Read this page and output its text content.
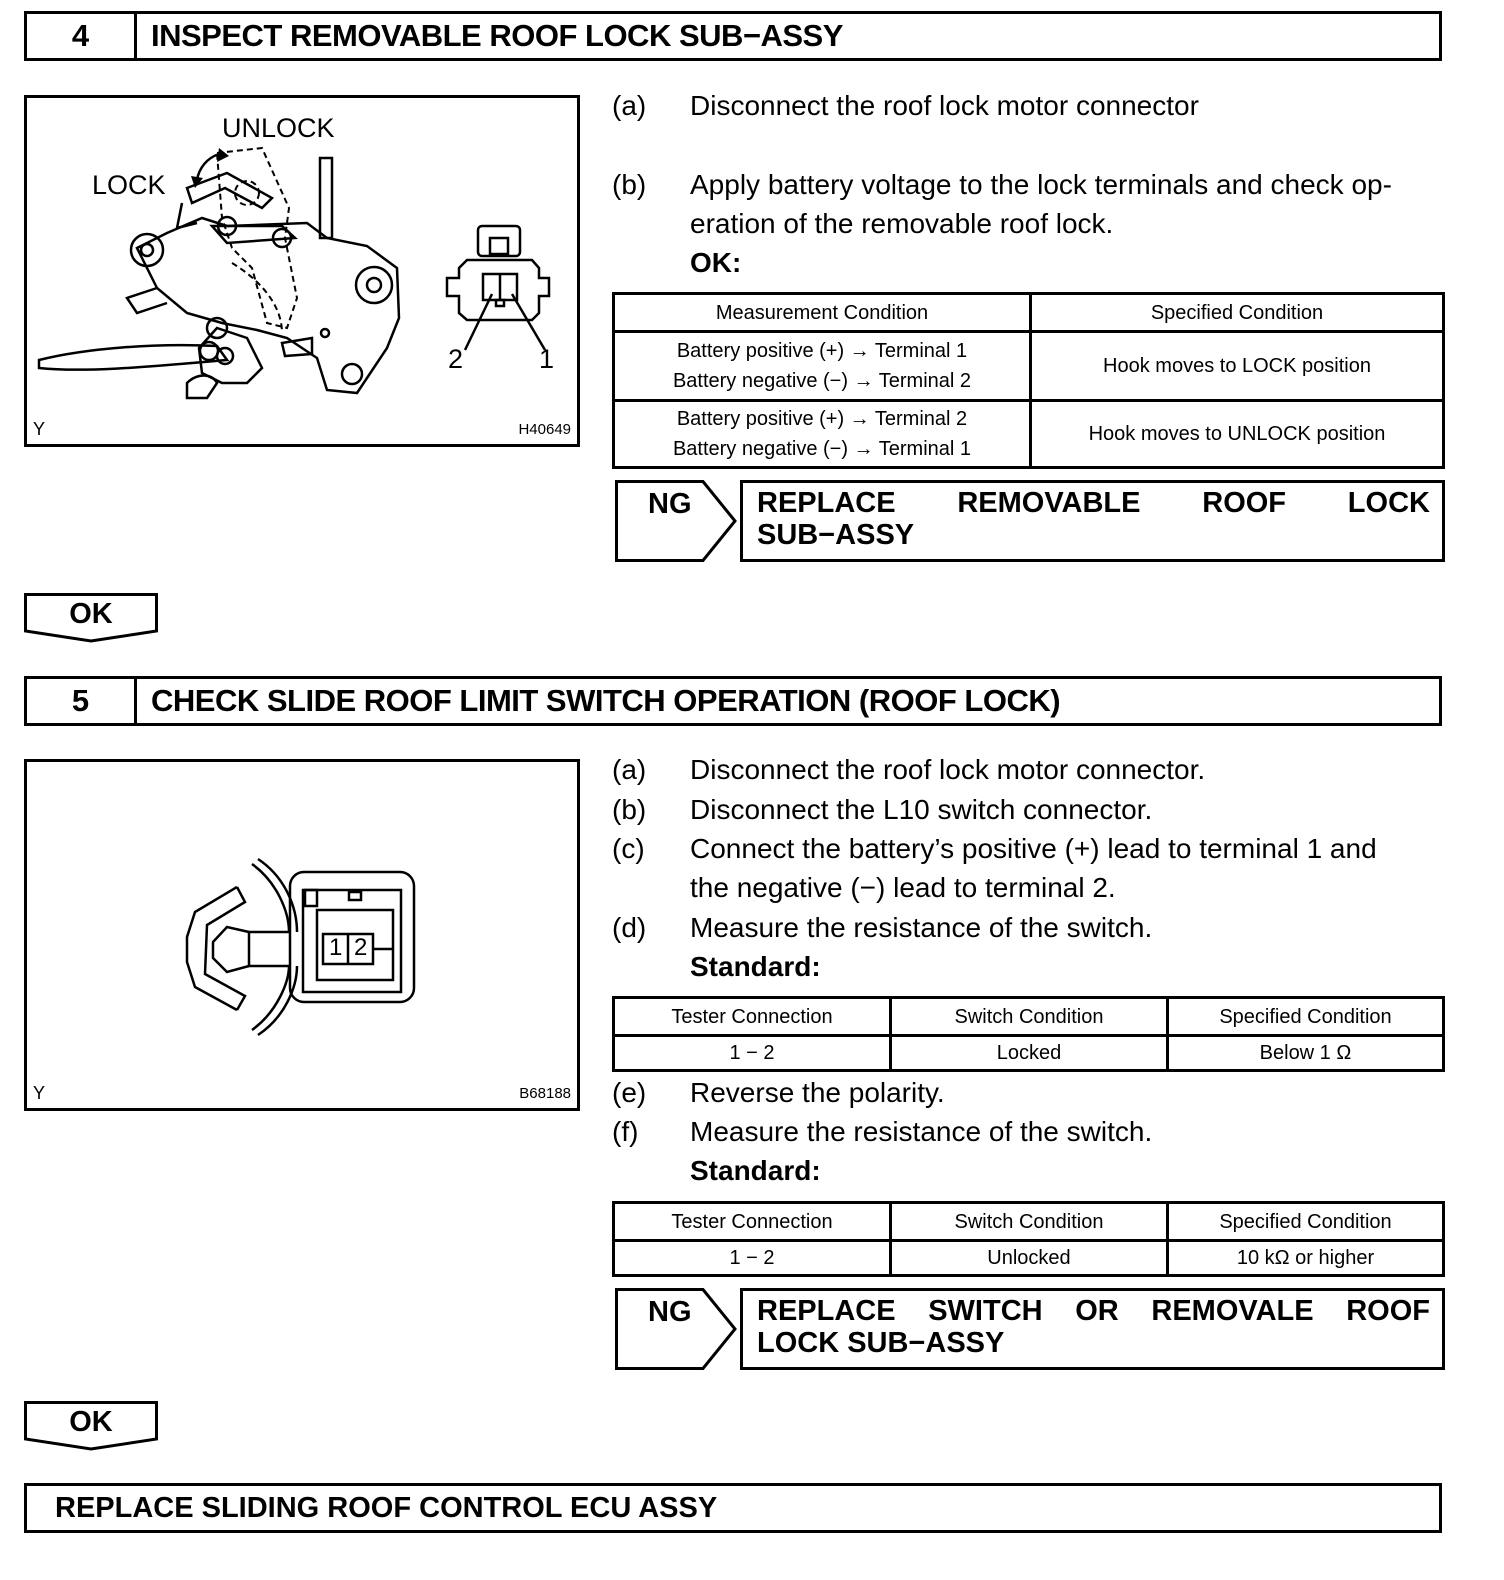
4	INSPECT REMOVABLE ROOF LOCK SUB−ASSY
UNLOCK
LOCK
2	1
Y	H40649
(a) Disconnect the roof lock motor connector
(b) Apply battery voltage to the lock terminals and check op-
eration of the removable roof lock.
OK:
Measurement Condition	Specified Condition

Battery positive (+) → Terminal 1
Battery negative (−) → Terminal 2	Hook moves to LOCK position

Battery positive (+) → Terminal 2
Battery negative (−) → Terminal 1	Hook moves to UNLOCK position
NG REPLACE REMOVABLE ROOF LOCK
SUB−ASSY
OK
5	CHECK SLIDE ROOF LIMIT SWITCH OPERATION (ROOF LOCK)
1 2
Y	B68188
(a) Disconnect the roof lock motor connector.
(b) Disconnect the L10 switch connector.
(c) Connect the battery’s positive (+) lead to terminal 1 and
the negative (−) lead to terminal 2.
(d) Measure the resistance of the switch.
Standard:
Tester Connection	Switch Condition	Specified Condition
1 − 2	Locked	Below 1 Ω
(e) Reverse the polarity.
(f) Measure the resistance of the switch.
Standard:
Tester Connection	Switch Condition	Specified Condition
1 − 2	Unlocked	10 kΩ or higher
NG REPLACE SWITCH OR REMOVALE ROOF
LOCK SUB−ASSY
OK
REPLACE SLIDING ROOF CONTROL ECU ASSY
